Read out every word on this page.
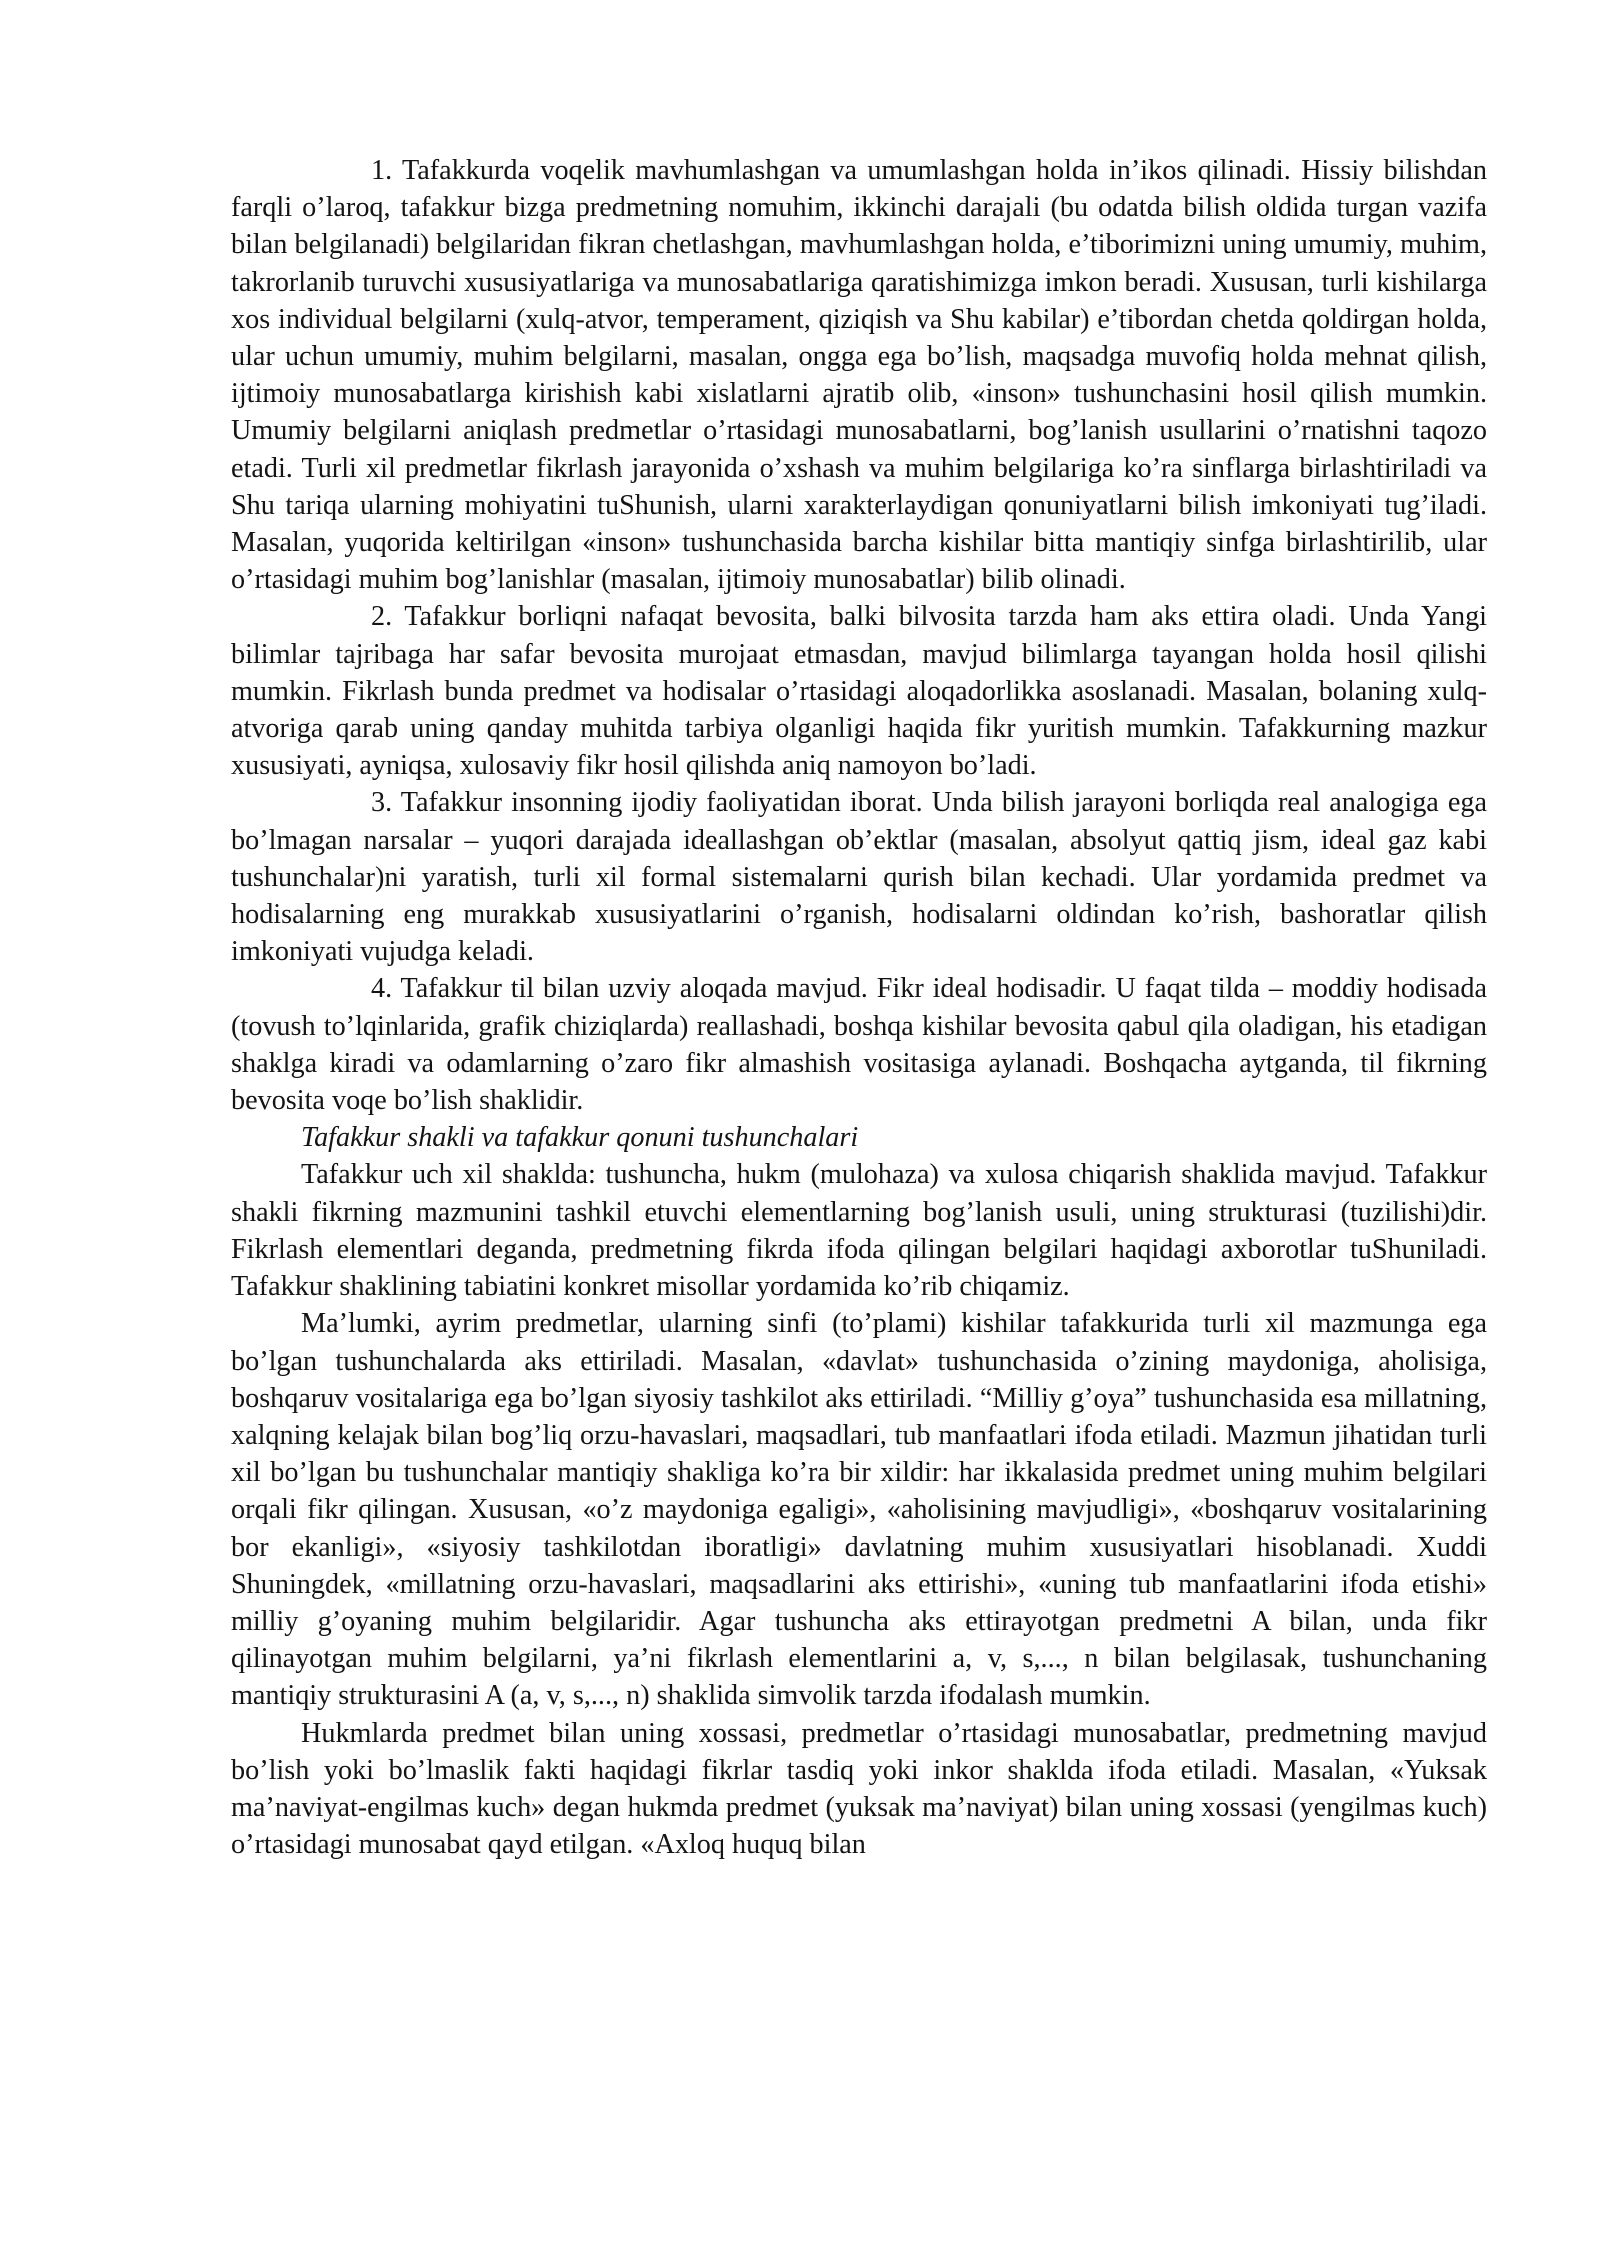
1. Tafakkurda voqelik mavhumlashgan va umumlashgan holda in’ikos qilinadi. Hissiy bilishdan farqli o’laroq, tafakkur bizga predmetning nomuhim, ikkinchi darajali (bu odatda bilish oldida turgan vazifa bilan belgilanadi) belgilaridan fikran chetlashgan, mavhumlashgan holda, e’tiborimizni uning umumiy, muhim, takrorlanib turuvchi xususiyatlariga va munosabatlariga qaratishimizga imkon beradi. Xususan, turli kishilarga xos individual belgilarni (xulq-atvor, temperament, qiziqish va Shu kabilar) e’tibordan chetda qoldirgan holda, ular uchun umumiy, muhim belgilarni, masalan, ongga ega bo’lish, maqsadga muvofiq holda mehnat qilish, ijtimoiy munosabatlarga kirishish kabi xislatlarni ajratib olib, «inson» tushunchasini hosil qilish mumkin. Umumiy belgilarni aniqlash predmetlar o’rtasidagi munosabatlarni, bog’lanish usullarini o’rnatishni taqozo etadi. Turli xil predmetlar fikrlash jarayonida o’xshash va muhim belgilariga ko’ra sinflarga birlashtiriladi va Shu tariqa ularning mohiyatini tuShunish, ularni xarakterlaydigan qonuniyatlarni bilish imkoniyati tug’iladi. Masalan, yuqorida keltirilgan «inson» tushunchasida barcha kishilar bitta mantiqiy sinfga birlashtirilib, ular o’rtasidagi muhim bog’lanishlar (masalan, ijtimoiy munosabatlar) bilib olinadi.

2. Tafakkur borliqni nafaqat bevosita, balki bilvosita tarzda ham aks ettira oladi. Unda Yangi bilimlar tajribaga har safar bevosita murojaat etmasdan, mavjud bilimlarga tayangan holda hosil qilishi mumkin. Fikrlash bunda predmet va hodisalar o’rtasidagi aloqadorlikka asoslanadi. Masalan, bolaning xulq-atvoriga qarab uning qanday muhitda tarbiya olganligi haqida fikr yuritish mumkin. Tafakkurning mazkur xususiyati, ayniqsa, xulosaviy fikr hosil qilishda aniq namoyon bo’ladi.

3. Tafakkur insonning ijodiy faoliyatidan iborat. Unda bilish jarayoni borliqda real analogiga ega bo’lmagan narsalar – yuqori darajada ideallashgan ob’ektlar (masalan, absolyut qattiq jism, ideal gaz kabi tushunchalar)ni yaratish, turli xil formal sistemalarni qurish bilan kechadi. Ular yordamida predmet va hodisalarning eng murakkab xususiyatlarini o’rganish, hodisalarni oldindan ko’rish, bashoratlar qilish imkoniyati vujudga keladi.

4. Tafakkur til bilan uzviy aloqada mavjud. Fikr ideal hodisadir. U faqat tilda – moddiy hodisada (tovush to’lqinlarida, grafik chiziqlarda) reallashadi, boshqa kishilar bevosita qabul qila oladigan, his etadigan shaklga kiradi va odamlarning o’zaro fikr almashish vositasiga aylanadi. Boshqacha aytganda, til fikrning bevosita voqe bo’lish shaklidir.

Tafakkur shakli va tafakkur qonuni tushunchalari

Tafakkur uch xil shaklda: tushuncha, hukm (mulohaza) va xulosa chiqarish shaklida mavjud. Tafakkur shakli fikrning mazmunini tashkil etuvchi elementlarning bog’lanish usuli, uning strukturasi (tuzilishi)dir. Fikrlash elementlari deganda, predmetning fikrda ifoda qilingan belgilari haqidagi axborotlar tuShuniladi. Tafakkur shaklining tabiatini konkret misollar yordamida ko’rib chiqamiz.

Ma’lumki, ayrim predmetlar, ularning sinfi (to’plami) kishilar tafakkurida turli xil mazmunga ega bo’lgan tushunchalarda aks ettiriladi. Masalan, «davlat» tushunchasida o’zining maydoniga, aholisiga, boshqaruv vositalariga ega bo’lgan siyosiy tashkilot aks ettiriladi. “Milliy g’oya” tushunchasida esa millatning, xalqning kelajak bilan bog’liq orzu-havaslari, maqsadlari, tub manfaatlari ifoda etiladi. Mazmun jihatidan turli xil bo’lgan bu tushunchalar mantiqiy shakliga ko’ra bir xildir: har ikkalasida predmet uning muhim belgilari orqali fikr qilingan. Xususan, «o’z maydoniga egaligi», «aholisining mavjudligi», «boshqaruv vositalarining bor ekanligi», «siyosiy tashkilotdan iboratligi» davlatning muhim xususiyatlari hisoblanadi. Xuddi Shuningdek, «millatning orzu-havaslari, maqsadlarini aks ettirishi», «uning tub manfaatlarini ifoda etishi» milliy g’oyaning muhim belgilaridir. Agar tushuncha aks ettirayotgan predmetni A bilan, unda fikr qilinayotgan muhim belgilarni, ya’ni fikrlash elementlarini a, v, s,..., n bilan belgilasak, tushunchaning mantiqiy strukturasini A (a, v, s,..., n) shaklida simvolik tarzda ifodalash mumkin.

Hukmlarda predmet bilan uning xossasi, predmetlar o’rtasidagi munosabatlar, predmetning mavjud bo’lish yoki bo’lmaslik fakti haqidagi fikrlar tasdiq yoki inkor shaklda ifoda etiladi. Masalan, «Yuksak ma’naviyat-engilmas kuch» degan hukmda predmet (yuksak ma’naviyat) bilan uning xossasi (yengilmas kuch) o’rtasidagi munosabat qayd etilgan. «Axloq huquq bilan
